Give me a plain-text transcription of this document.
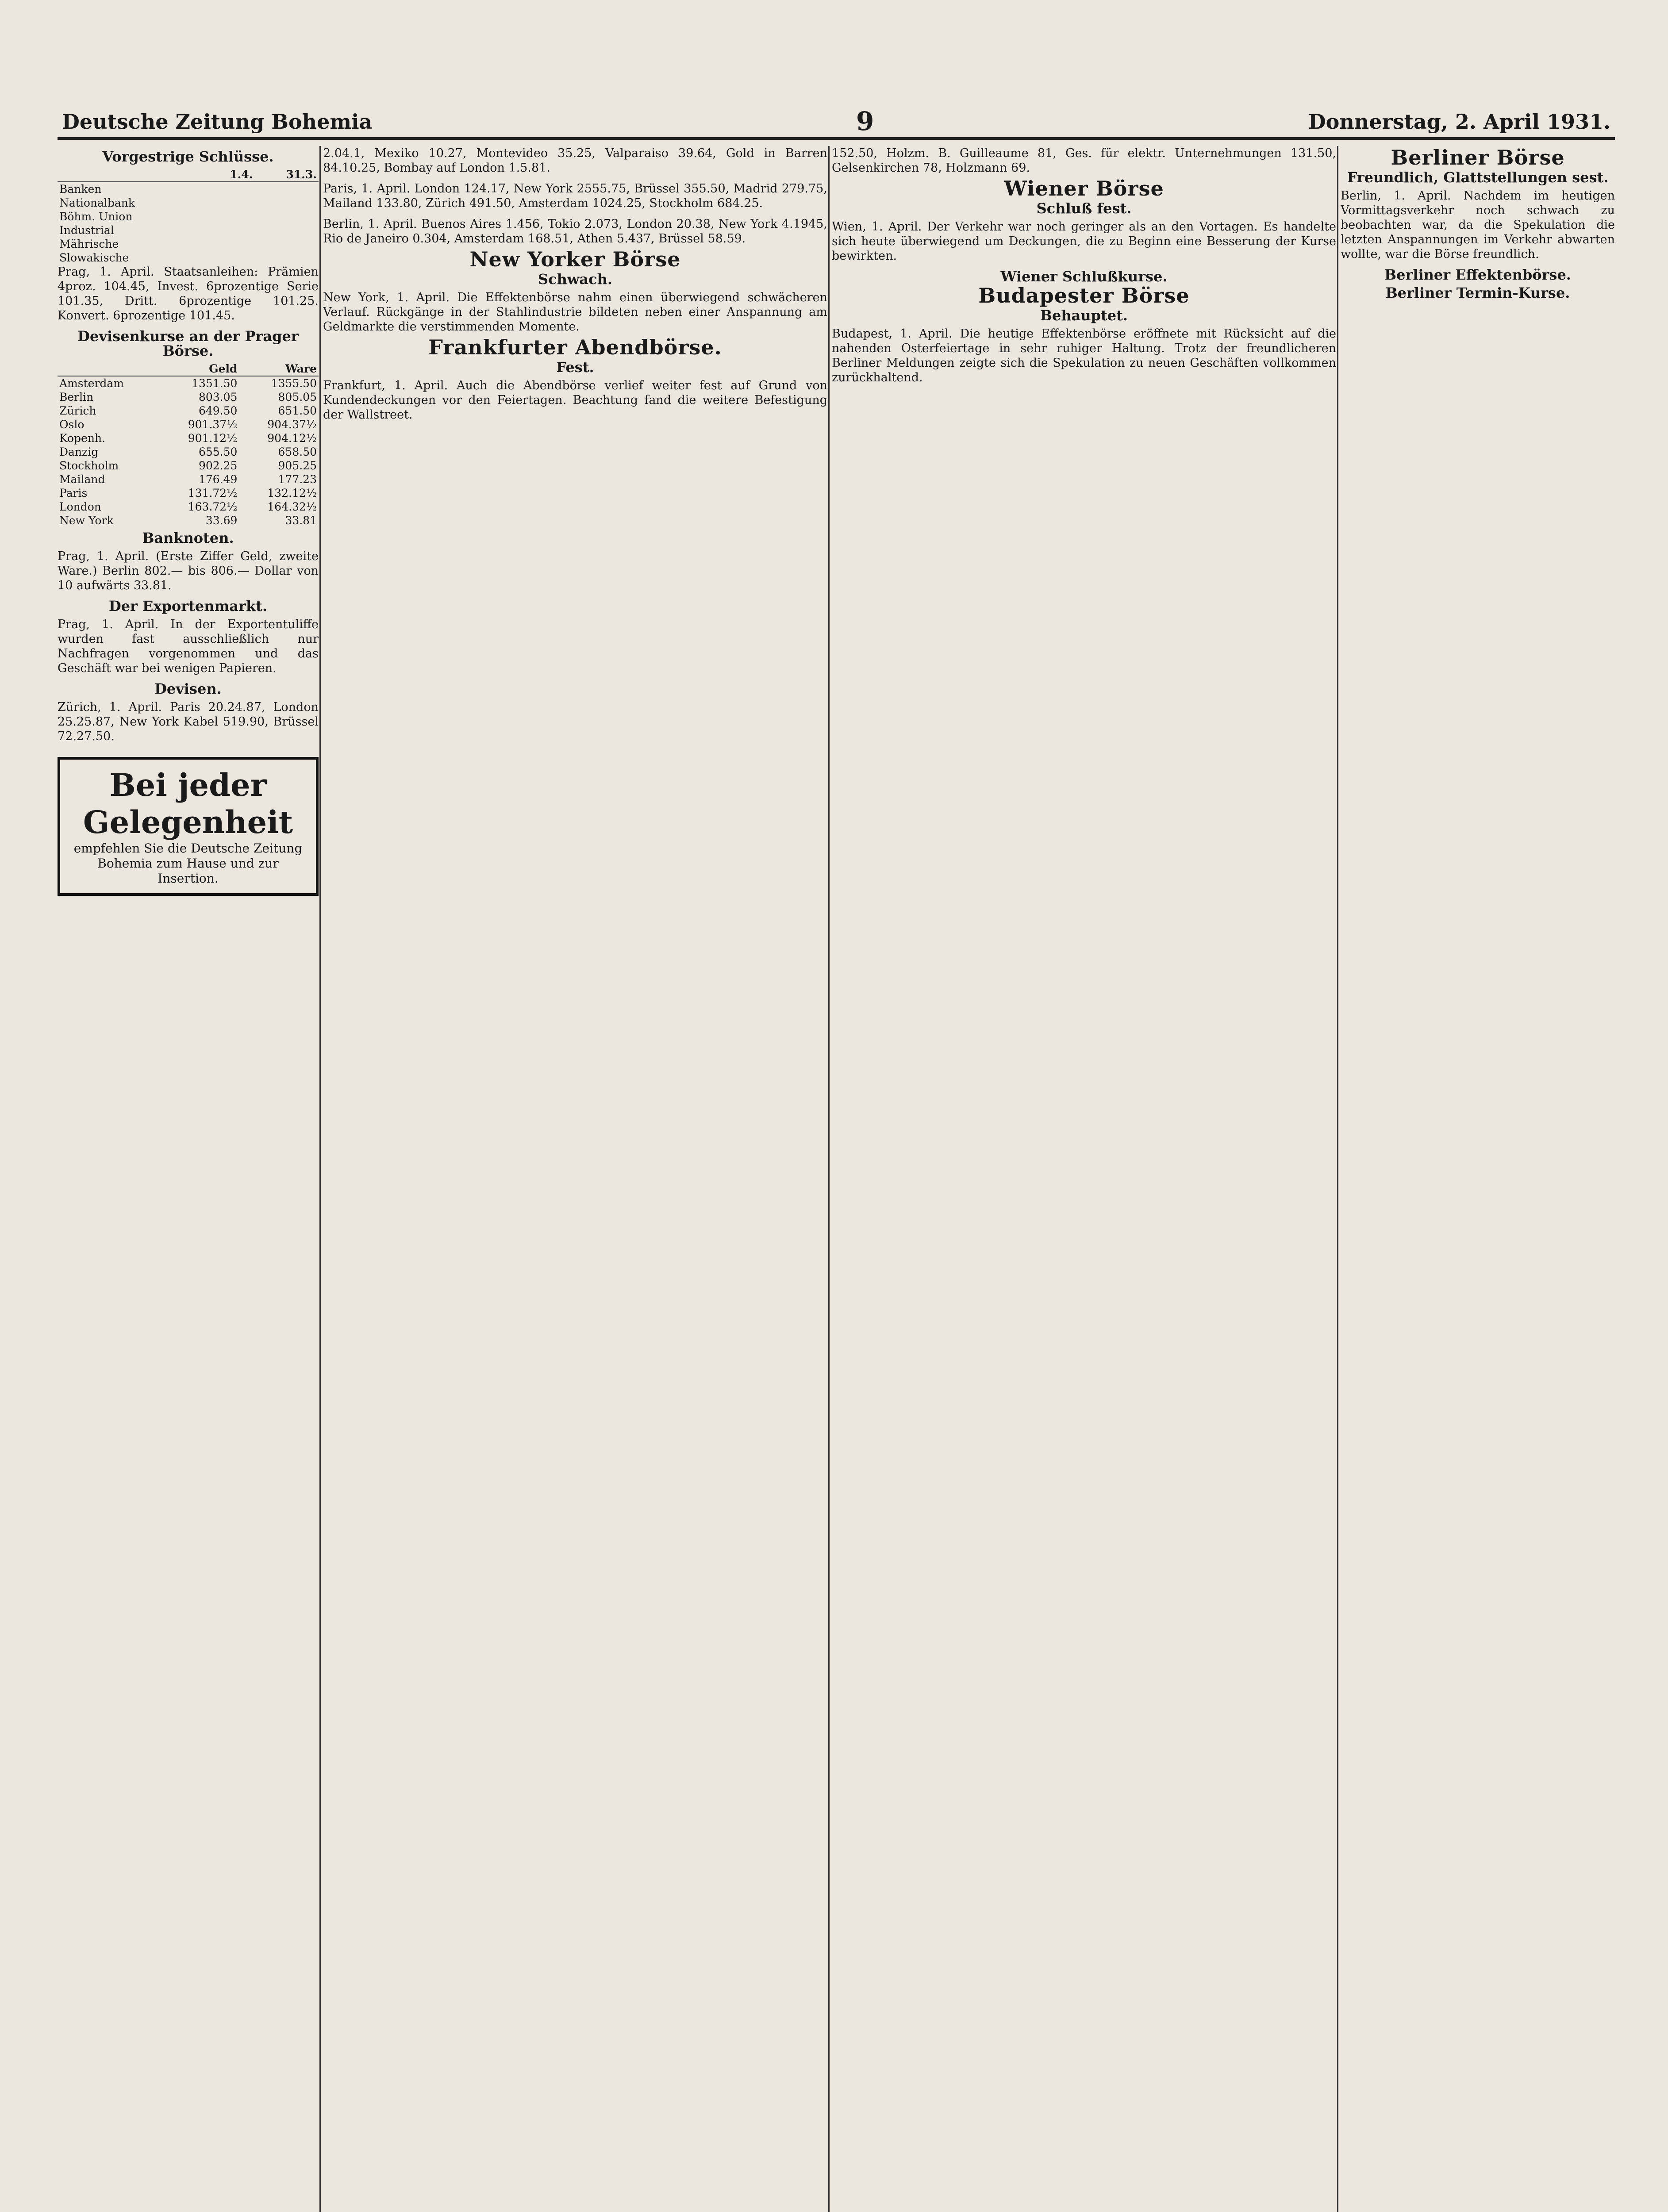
Deutsche Zeitung Bohemia	9	Donnerstag, 2. April 1931.
Vorgestrige Schlüsse.
	1.4.	31.3.
Banken		
Nationalbank		
Böhm. Union		
Industrial		
Mährische		
Slowakische		

Prag, 1. April. Staatsanleihen: Prämien 4proz. 104.45, Invest. 6prozentige Serie 101.35, Dritt. 6prozentige 101.25. Konvert. 6prozentige 101.45.

Devisenkurse an der Prager Börse.
	Geld	Ware
Amsterdam	1351.50	1355.50
Berlin	803.05	805.05
Zürich	649.50	651.50
Oslo	901.37½	904.37½
Kopenh.	901.12½	904.12½
Danzig	655.50	658.50
Stockholm	902.25	905.25
Mailand	176.49	177.23
Paris	131.72½	132.12½
London	163.72½	164.32½
New York	33.69	33.81
Banknoten.

Prag, 1. April. (Erste Ziffer Geld, zweite Ware.) Berlin 802.— bis 806.— Dollar von 10 aufwärts 33.81.

Der Exportenmarkt.

Prag, 1. April. In der Exportentuliffe wurden fast ausschließlich nur Nachfragen vorgenommen und das Geschäft war bei wenigen Papieren.

Devisen.

Zürich, 1. April. Paris 20.24.87, London 25.25.87, New York Kabel 519.90, Brüssel 72.27.50.

Bei jeder Gelegenheit
empfehlen Sie die Deutsche Zeitung Bohemia zum Hause und zur Insertion.

2.04.1, Mexiko 10.27, Montevideo 35.25, Valparaiso 39.64, Gold in Barren 84.10.25, Bombay auf London 1.5.81.

Paris, 1. April. London 124.17, New York 2555.75, Brüssel 355.50, Madrid 279.75, Mailand 133.80, Zürich 491.50, Amsterdam 1024.25, Stockholm 684.25.

Berlin, 1. April. Buenos Aires 1.456, Tokio 2.073, London 20.38, New York 4.1945, Rio de Janeiro 0.304, Amsterdam 168.51, Athen 5.437, Brüssel 58.59.

New Yorker Börse
Schwach.

New York, 1. April. Die Effektenbörse nahm einen überwiegend schwächeren Verlauf. Rückgänge in der Stahlindustrie bildeten neben einer Anspannung am Geldmarkte die verstimmenden Momente.

Frankfurter Abendbörse.
Fest.

Frankfurt, 1. April. Auch die Abendbörse verlief weiter fest auf Grund von Kundendeckungen vor den Feiertagen. Beachtung fand die weitere Befestigung der Wallstreet.

152.50, Holzm. B. Guilleaume 81, Ges. für elektr. Unternehmungen 131.50, Gelsenkirchen 78, Holzmann 69.

Wiener Börse
Schluß fest.

Wien, 1. April. Der Verkehr war noch geringer als an den Vortagen. Es handelte sich heute überwiegend um Deckungen, die zu Beginn eine Besserung der Kurse bewirkten.

Wiener Schlußkurse.
Budapester Börse
Behauptet.

Budapest, 1. April. Die heutige Effektenbörse eröffnete mit Rücksicht auf die nahenden Osterfeiertage in sehr ruhiger Haltung. Trotz der freundlicheren Berliner Meldungen zeigte sich die Spekulation zu neuen Geschäften vollkommen zurückhaltend.

Berliner Börse
Freundlich, Glattstellungen sest.

Berlin, 1. April. Nachdem im heutigen Vormittagsverkehr noch schwach zu beobachten war, da die Spekulation die letzten Anspannungen im Verkehr abwarten wollte, war die Börse freundlich.

Berliner Effektenbörse.
Berliner Termin-Kurse.
